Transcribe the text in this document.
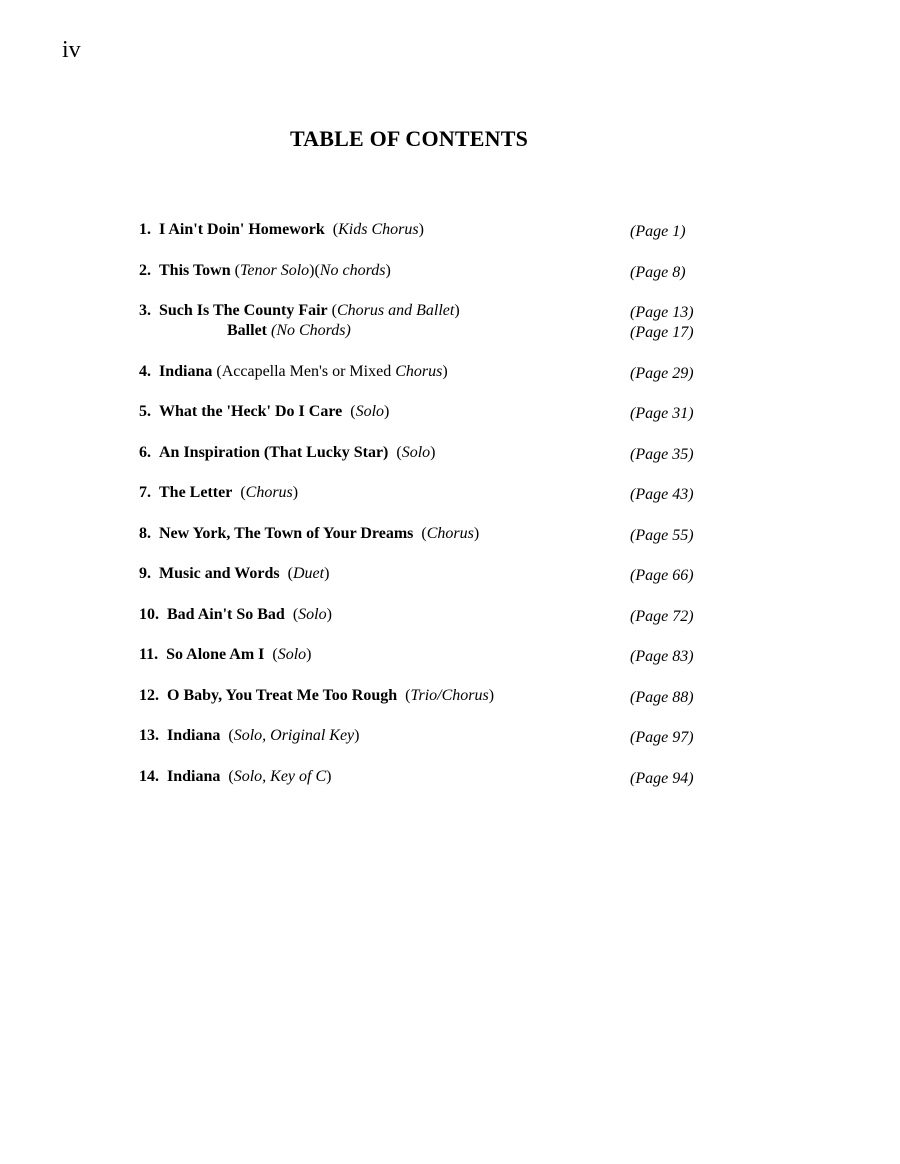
iv
TABLE OF CONTENTS
1. I Ain't Doin' Homework (Kids Chorus)	(Page 1)
2. This Town (Tenor Solo)(No chords)	(Page 8)
3. Such Is The County Fair (Chorus and Ballet)	(Page 13)
Ballet (No Chords)	(Page 17)
4. Indiana (Accapella Men's or Mixed Chorus)	(Page 29)
5. What the 'Heck' Do I Care (Solo)	(Page 31)
6. An Inspiration (That Lucky Star) (Solo)	(Page 35)
7. The Letter (Chorus)	(Page 43)
8. New York, The Town of Your Dreams (Chorus)	(Page 55)
9. Music and Words (Duet)	(Page 66)
10. Bad Ain't So Bad (Solo)	(Page 72)
11. So Alone Am I (Solo)	(Page 83)
12. O Baby, You Treat Me Too Rough (Trio/Chorus)	(Page 88)
13. Indiana (Solo, Original Key)	(Page 97)
14. Indiana (Solo, Key of C)	(Page 94)
